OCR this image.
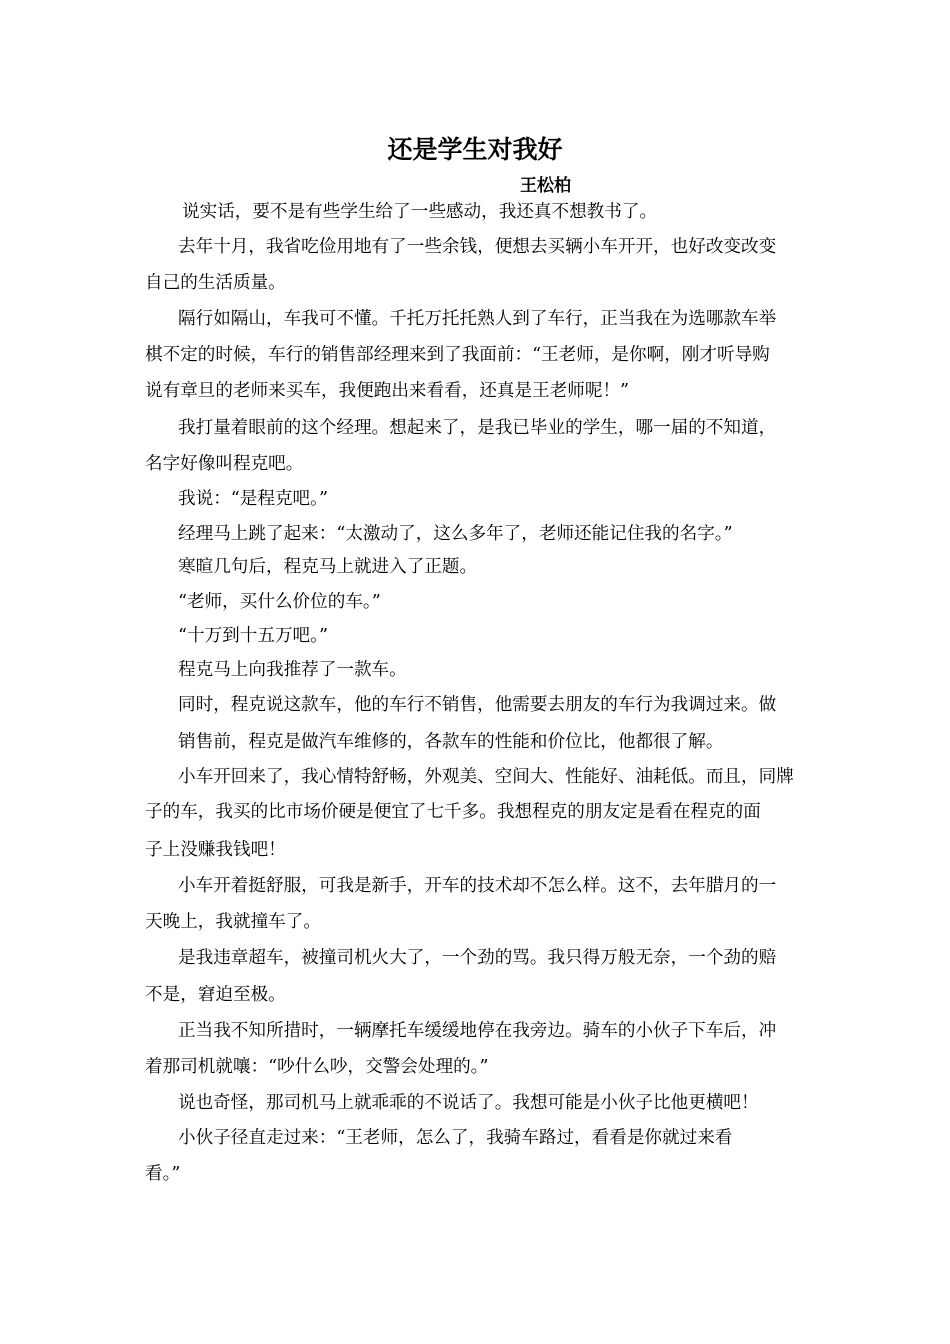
还是学生对我好
王松柏

说实话，要不是有些学生给了一些感动，我还真不想教书了。

去年十月，我省吃俭用地有了一些余钱，便想去买辆小车开开，也好改变改变

自己的生活质量。

隔行如隔山，车我可不懂。千托万托托熟人到了车行，正当我在为选哪款车举

棋不定的时候，车行的销售部经理来到了我面前：“王老师，是你啊，刚才听导购

说有章旦的老师来买车，我便跑出来看看，还真是王老师呢！”

我打量着眼前的这个经理。想起来了，是我已毕业的学生，哪一届的不知道，

名字好像叫程克吧。

我说：“是程克吧。”

经理马上跳了起来：“太激动了，这么多年了，老师还能记住我的名字。”

寒暄几句后，程克马上就进入了正题。

“老师，买什么价位的车。”

“十万到十五万吧。”

程克马上向我推荐了一款车。

同时，程克说这款车，他的车行不销售，他需要去朋友的车行为我调过来。做

销售前，程克是做汽车维修的，各款车的性能和价位比，他都很了解。

小车开回来了，我心情特舒畅，外观美、空间大、性能好、油耗低。而且，同牌

子的车，我买的比市场价硬是便宜了七千多。我想程克的朋友定是看在程克的面

子上没赚我钱吧！

小车开着挺舒服，可我是新手，开车的技术却不怎么样。这不，去年腊月的一

天晚上，我就撞车了。

是我违章超车，被撞司机火大了，一个劲的骂。我只得万般无奈，一个劲的赔

不是，窘迫至极。

正当我不知所措时，一辆摩托车缓缓地停在我旁边。骑车的小伙子下车后，冲

着那司机就嚷：“吵什么吵，交警会处理的。”

说也奇怪，那司机马上就乖乖的不说话了。我想可能是小伙子比他更横吧！

小伙子径直走过来：“王老师，怎么了，我骑车路过，看看是你就过来看

看。”
